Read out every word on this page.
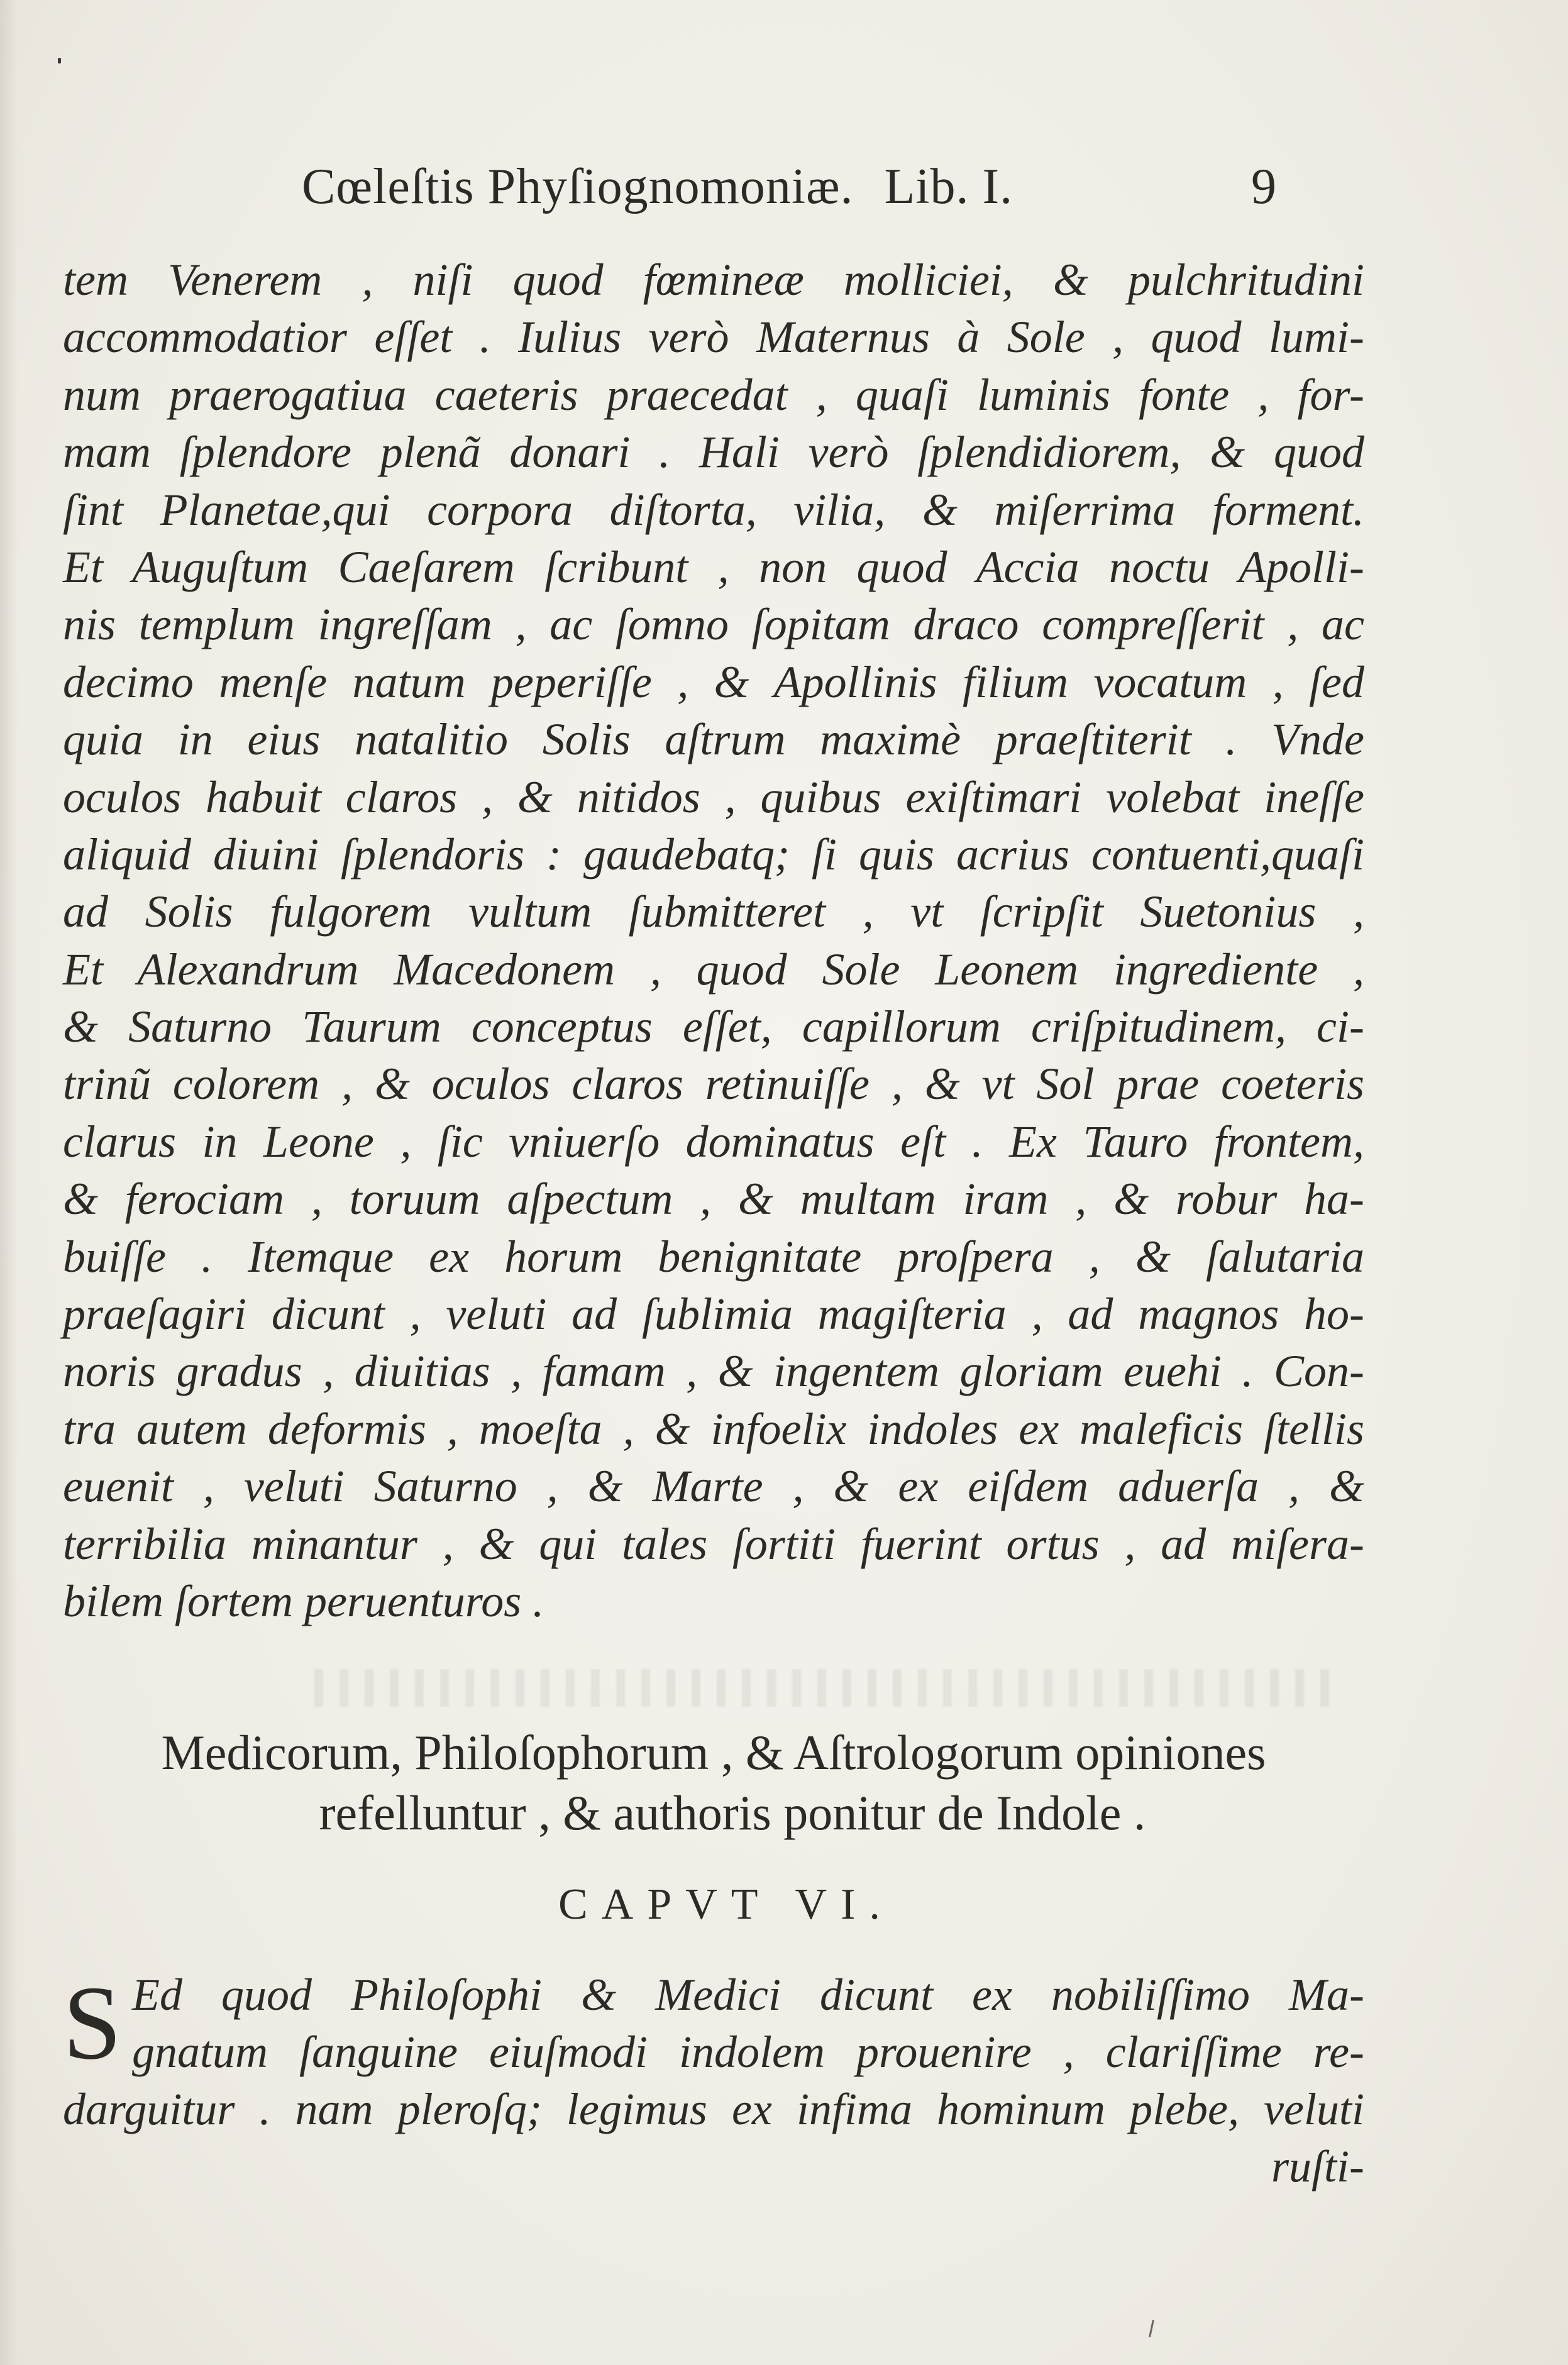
Cœleſtis Phyſiognomoniæ. Lib. I.	9
tem Venerem , niſi quod fœmineæ molliciei, & pulchritudini
accommodatior eſſet . Iulius verò Maternus à Sole , quod lumi-
num praerogatiua caeteris praecedat , quaſi luminis fonte , for-
mam ſplendore plenã donari . Hali verò ſplendidiorem, & quod
ſint Planetae,qui corpora diſtorta, vilia, & miſerrima forment.
Et Auguſtum Caeſarem ſcribunt , non quod Accia noctu Apolli-
nis templum ingreſſam , ac ſomno ſopitam draco compreſſerit , ac
decimo menſe natum peperiſſe , & Apollinis filium vocatum , ſed
quia in eius natalitio Solis aſtrum maximè praeſtiterit . Vnde
oculos habuit claros , & nitidos , quibus exiſtimari volebat ineſſe
aliquid diuini ſplendoris : gaudebatq; ſi quis acrius contuenti,quaſi
ad Solis fulgorem vultum ſubmitteret , vt ſcripſit Suetonius ,
Et Alexandrum Macedonem , quod Sole Leonem ingrediente ,
& Saturno Taurum conceptus eſſet, capillorum criſpitudinem, ci-
trinũ colorem , & oculos claros retinuiſſe , & vt Sol prae coeteris
clarus in Leone , ſic vniuerſo dominatus eſt . Ex Tauro frontem,
& ferociam , toruum aſpectum , & multam iram , & robur ha-
buiſſe . Itemque ex horum benignitate proſpera , & ſalutaria
praeſagiri dicunt , veluti ad ſublimia magiſteria , ad magnos ho-
noris gradus , diuitias , famam , & ingentem gloriam euehi . Con-
tra autem deformis , moeſta , & infoelix indoles ex maleficis ſtellis
euenit , veluti Saturno , & Marte , & ex eiſdem aduerſa , &
terribilia minantur , & qui tales ſortiti fuerint ortus , ad miſera-
bilem ſortem peruenturos .
Medicorum, Philoſophorum , & Aſtrologorum opiniones
refelluntur , & authoris ponitur de Indole .
CAPVT VI.
S Ed quod Philoſophi & Medici dicunt ex nobiliſſimo Ma-
gnatum ſanguine eiuſmodi indolem prouenire , clariſſime re-
darguitur . nam pleroſq; legimus ex infima hominum plebe, veluti
ruſti-
